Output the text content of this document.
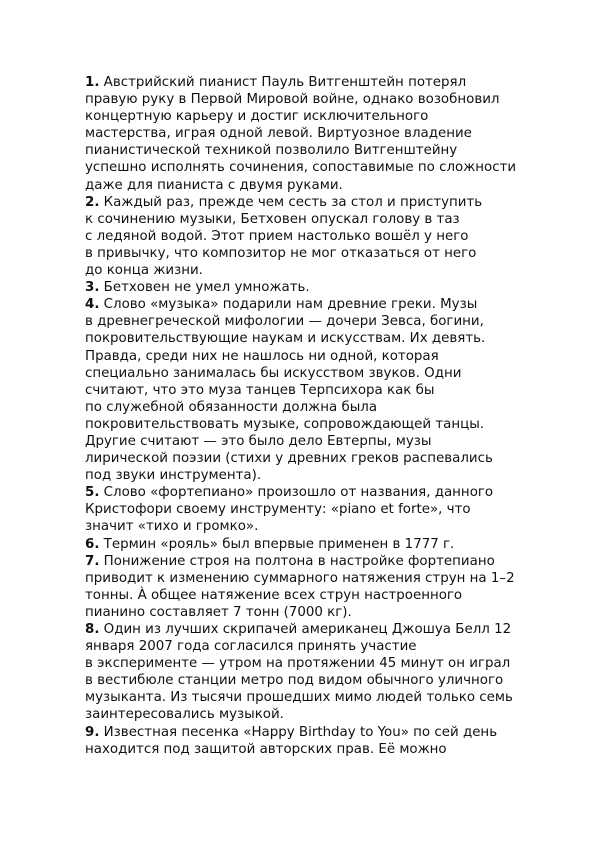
1. Австрийский пианист Пауль Витгенштейн потерял
правую руку в Первой Мировой войне, однако возобновил
концертную карьеру и достиг исключительного
мастерства, играя одной левой. Виртуозное владение
пианистической техникой позволило Витгенштейну
успешно исполнять сочинения, сопоставимые по сложности
даже для пианиста с двумя руками.
2. Каждый раз, прежде чем сесть за стол и приступить
к сочинению музыки, Бетховен опускал голову в таз
с ледяной водой. Этот прием настолько вошёл у него
в привычку, что композитор не мог отказаться от него
до конца жизни.
3. Бетховен не умел умножать.
4. Слово «музыка» подарили нам древние греки. Музы
в древнегреческой мифологии — дочери Зевса, богини,
покровительствующие наукам и искусствам. Их девять.
Правда, среди них не нашлось ни одной, которая
специально занималась бы искусством звуков. Одни
считают, что это муза танцев Терпсихора как бы
по служебной обязанности должна была
покровительствовать музыке, сопровождающей танцы.
Другие считают — это было дело Евтерпы, музы
лирической поэзии (стихи у древних греков распевались
под звуки инструмента).
5. Слово «фортепиано» произошло от названия, данного
Кристофори своему инструменту: «piano et forte», что
значит «тихо и громко».
6. Термин «рояль» был впервые применен в 1777 г.
7. Понижение строя на полтона в настройке фортепиано
приводит к изменению суммарного натяжения струн на 1–2
тонны. À общее натяжение всех струн настроенного
пианино составляет 7 тонн (7000 кг).
8. Один из лучших скрипачей американец Джошуа Белл 12
января 2007 года согласился принять участие
в эксперименте — утром на протяжении 45 минут он играл
в вестибюле станции метро под видом обычного уличного
музыканта. Из тысячи прошедших мимо людей только семь
заинтересовались музыкой.
9. Известная песенка «Happy Birthday to You» по сей день
находится под защитой авторских прав. Её можно
